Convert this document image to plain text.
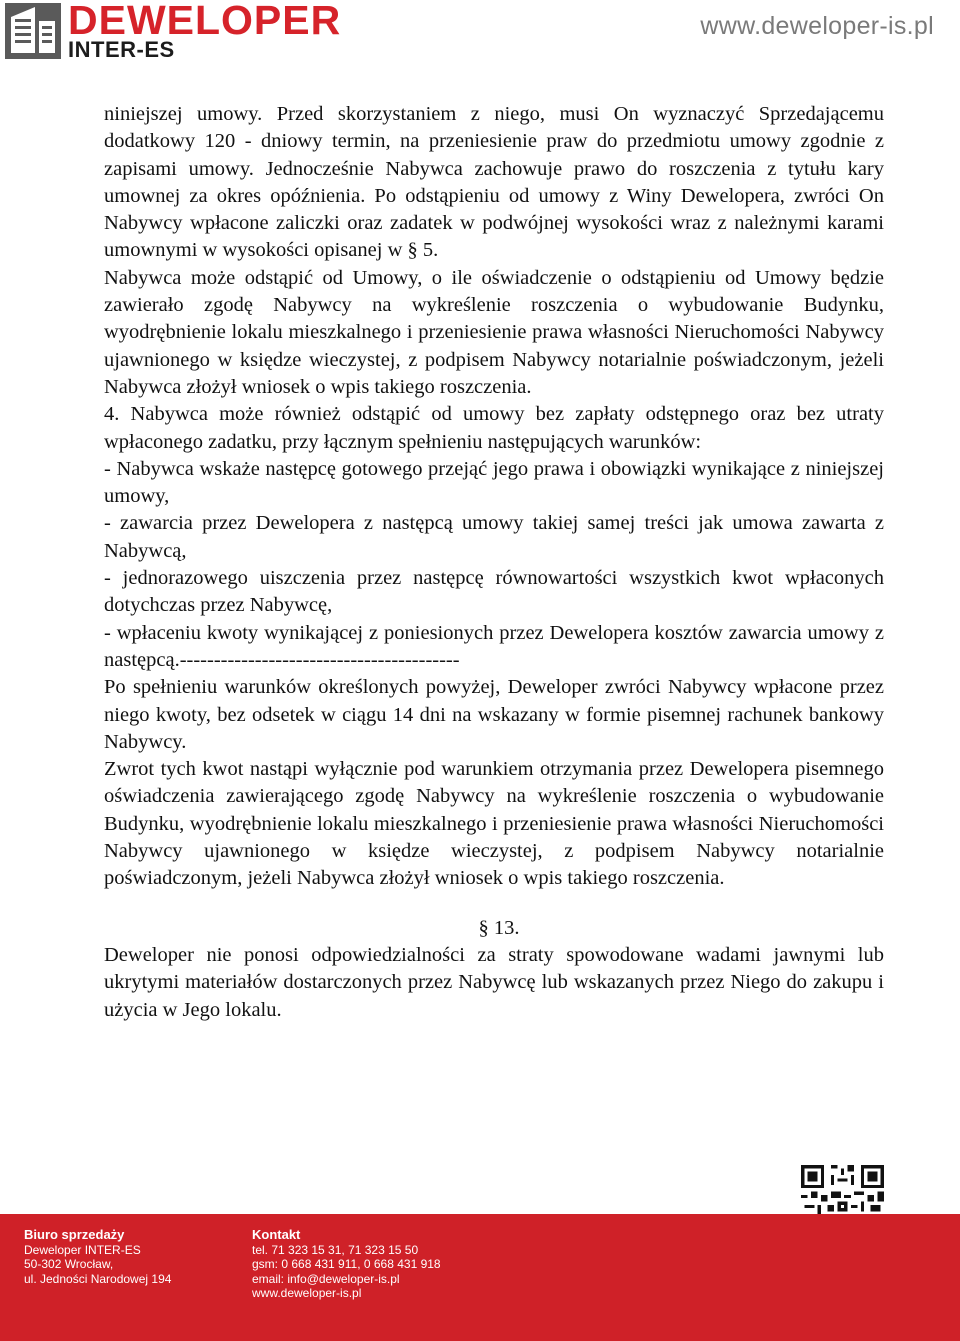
DEWELOPER
INTER-ES
www.deweloper-is.pl

niniejszej umowy. Przed skorzystaniem z niego, musi On wyznaczyć Sprzedającemu dodatkowy 120 - dniowy termin, na przeniesienie praw do przedmiotu umowy zgodnie z zapisami umowy. Jednocześnie Nabywca zachowuje prawo do roszczenia z tytułu kary umownej za okres opóźnienia. Po odstąpieniu od umowy z Winy Dewelopera, zwróci On Nabywcy wpłacone zaliczki oraz zadatek w podwójnej wysokości wraz z należnymi karami umownymi w wysokości opisanej w § 5.

Nabywca może odstąpić od Umowy, o ile oświadczenie o odstąpieniu od Umowy będzie zawierało zgodę Nabywcy na wykreślenie roszczenia o wybudowanie Budynku, wyodrębnienie lokalu mieszkalnego i przeniesienie prawa własności Nieruchomości Nabywcy ujawnionego w księdze wieczystej, z podpisem Nabywcy notarialnie poświadczonym, jeżeli Nabywca złożył wniosek o wpis takiego roszczenia.

4. Nabywca może również odstąpić od umowy bez zapłaty odstępnego oraz bez utraty wpłaconego zadatku, przy łącznym spełnieniu następujących warunków:

- Nabywca wskaże następcę gotowego przejąć jego prawa i obowiązki wynikające z niniejszej umowy,

- zawarcia przez Dewelopera z następcą umowy takiej samej treści jak umowa zawarta z Nabywcą,

- jednorazowego uiszczenia przez następcę równowartości wszystkich kwot wpłaconych dotychczas przez Nabywcę,

- wpłaceniu kwoty wynikającej z poniesionych przez Dewelopera kosztów zawarcia umowy z następcą.-----------------------------------------

Po spełnieniu warunków określonych powyżej, Deweloper zwróci Nabywcy wpłacone przez niego kwoty, bez odsetek w ciągu 14 dni na wskazany w formie pisemnej rachunek bankowy Nabywcy.

Zwrot tych kwot nastąpi wyłącznie pod warunkiem otrzymania przez Dewelopera pisemnego oświadczenia zawierającego zgodę Nabywcy na wykreślenie roszczenia o wybudowanie Budynku, wyodrębnienie lokalu mieszkalnego i przeniesienie prawa własności Nieruchomości Nabywcy ujawnionego w księdze wieczystej, z podpisem Nabywcy notarialnie poświadczonym, jeżeli Nabywca złożył wniosek o wpis takiego roszczenia.

§ 13.

Deweloper nie ponosi odpowiedzialności za straty spowodowane wadami jawnymi lub ukrytymi materiałów dostarczonych przez Nabywcę lub wskazanych przez Niego do zakupu i użycia w Jego lokalu.

Biuro sprzedaży
Deweloper INTER-ES
50-302 Wrocław,
ul. Jedności Narodowej 194
Kontakt
tel. 71 323 15 31, 71 323 15 50
gsm: 0 668 431 911, 0 668 431 918
email: info@deweloper-is.pl
www.deweloper-is.pl
